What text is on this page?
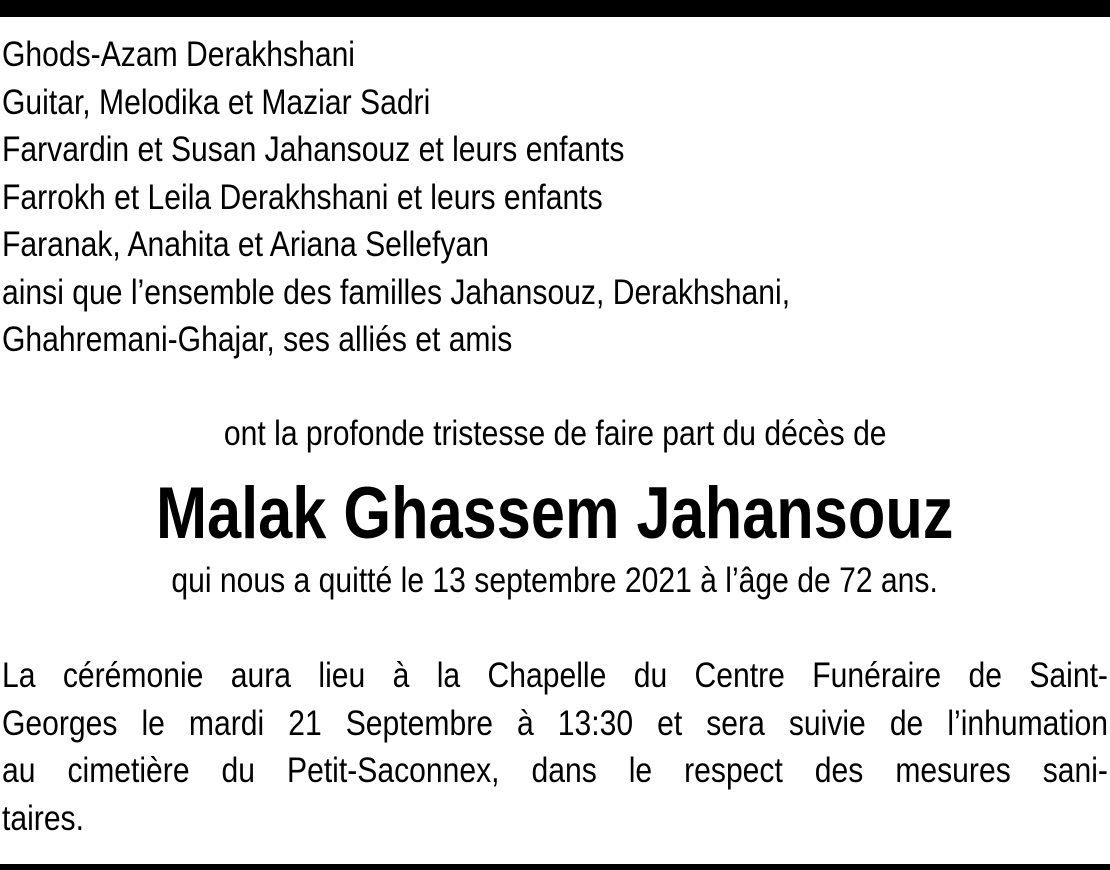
Ghods-Azam Derakhshani
Guitar, Melodika et Maziar Sadri
Farvardin et Susan Jahansouz et leurs enfants
Farrokh et Leila Derakhshani et leurs enfants
Faranak, Anahita et Ariana Sellefyan
ainsi que l’ensemble des familles Jahansouz, Derakhshani,
Ghahremani-Ghajar, ses alliés et amis
ont la profonde tristesse de faire part du décès de
Malak Ghassem Jahansouz
qui nous a quitté le 13 septembre 2021 à l’âge de 72 ans.
La cérémonie aura lieu à la Chapelle du Centre Funéraire de Saint-
Georges le mardi 21 Septembre à 13:30 et sera suivie de l’inhumation
au cimetière du Petit-Saconnex, dans le respect des mesures sani-
taires.
